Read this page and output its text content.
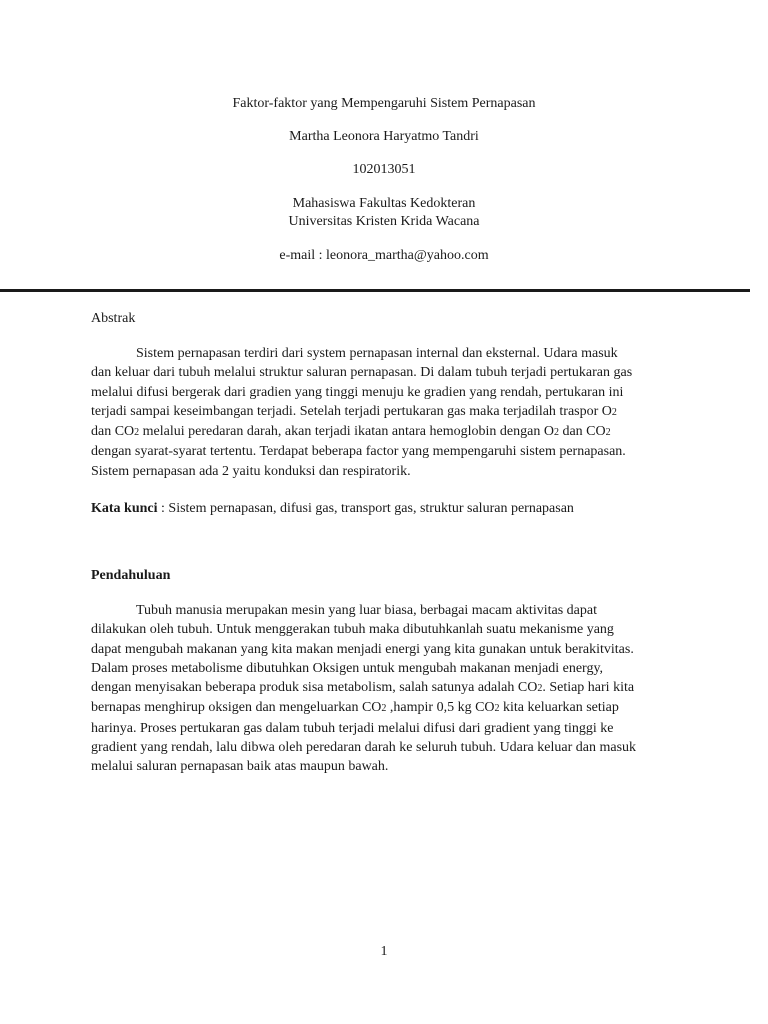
Faktor-faktor yang Mempengaruhi Sistem Pernapasan
Martha Leonora Haryatmo Tandri
102013051
Mahasiswa Fakultas Kedokteran
Universitas Kristen Krida Wacana
e-mail : leonora_martha@yahoo.com
Abstrak
Sistem pernapasan terdiri dari system pernapasan internal dan eksternal. Udara masuk
dan keluar dari tubuh melalui struktur saluran pernapasan. Di dalam tubuh terjadi pertukaran gas
melalui difusi bergerak dari gradien yang tinggi menuju ke gradien yang rendah, pertukaran ini
terjadi sampai keseimbangan terjadi. Setelah terjadi pertukaran gas maka terjadilah traspor O2
dan CO2 melalui peredaran darah, akan terjadi ikatan antara hemoglobin dengan O2 dan CO2
dengan syarat-syarat tertentu. Terdapat beberapa factor yang mempengaruhi sistem pernapasan.
Sistem pernapasan ada 2 yaitu konduksi dan respiratorik.
Kata kunci : Sistem pernapasan, difusi gas, transport gas, struktur saluran pernapasan
Pendahuluan
Tubuh manusia merupakan mesin yang luar biasa, berbagai macam aktivitas dapat
dilakukan oleh tubuh. Untuk menggerakan tubuh maka dibutuhkanlah suatu mekanisme yang
dapat mengubah makanan yang kita makan menjadi energi yang kita gunakan untuk berakitvitas.
Dalam proses metabolisme dibutuhkan Oksigen untuk mengubah makanan menjadi energy,
dengan menyisakan beberapa produk sisa metabolism, salah satunya adalah CO2. Setiap hari kita
bernapas menghirup oksigen dan mengeluarkan CO2 ,hampir 0,5 kg CO2 kita keluarkan setiap
harinya. Proses pertukaran gas dalam tubuh terjadi melalui difusi dari gradient yang tinggi ke
gradient yang rendah, lalu dibwa oleh peredaran darah ke seluruh tubuh. Udara keluar dan masuk
melalui saluran pernapasan baik atas maupun bawah.
1
